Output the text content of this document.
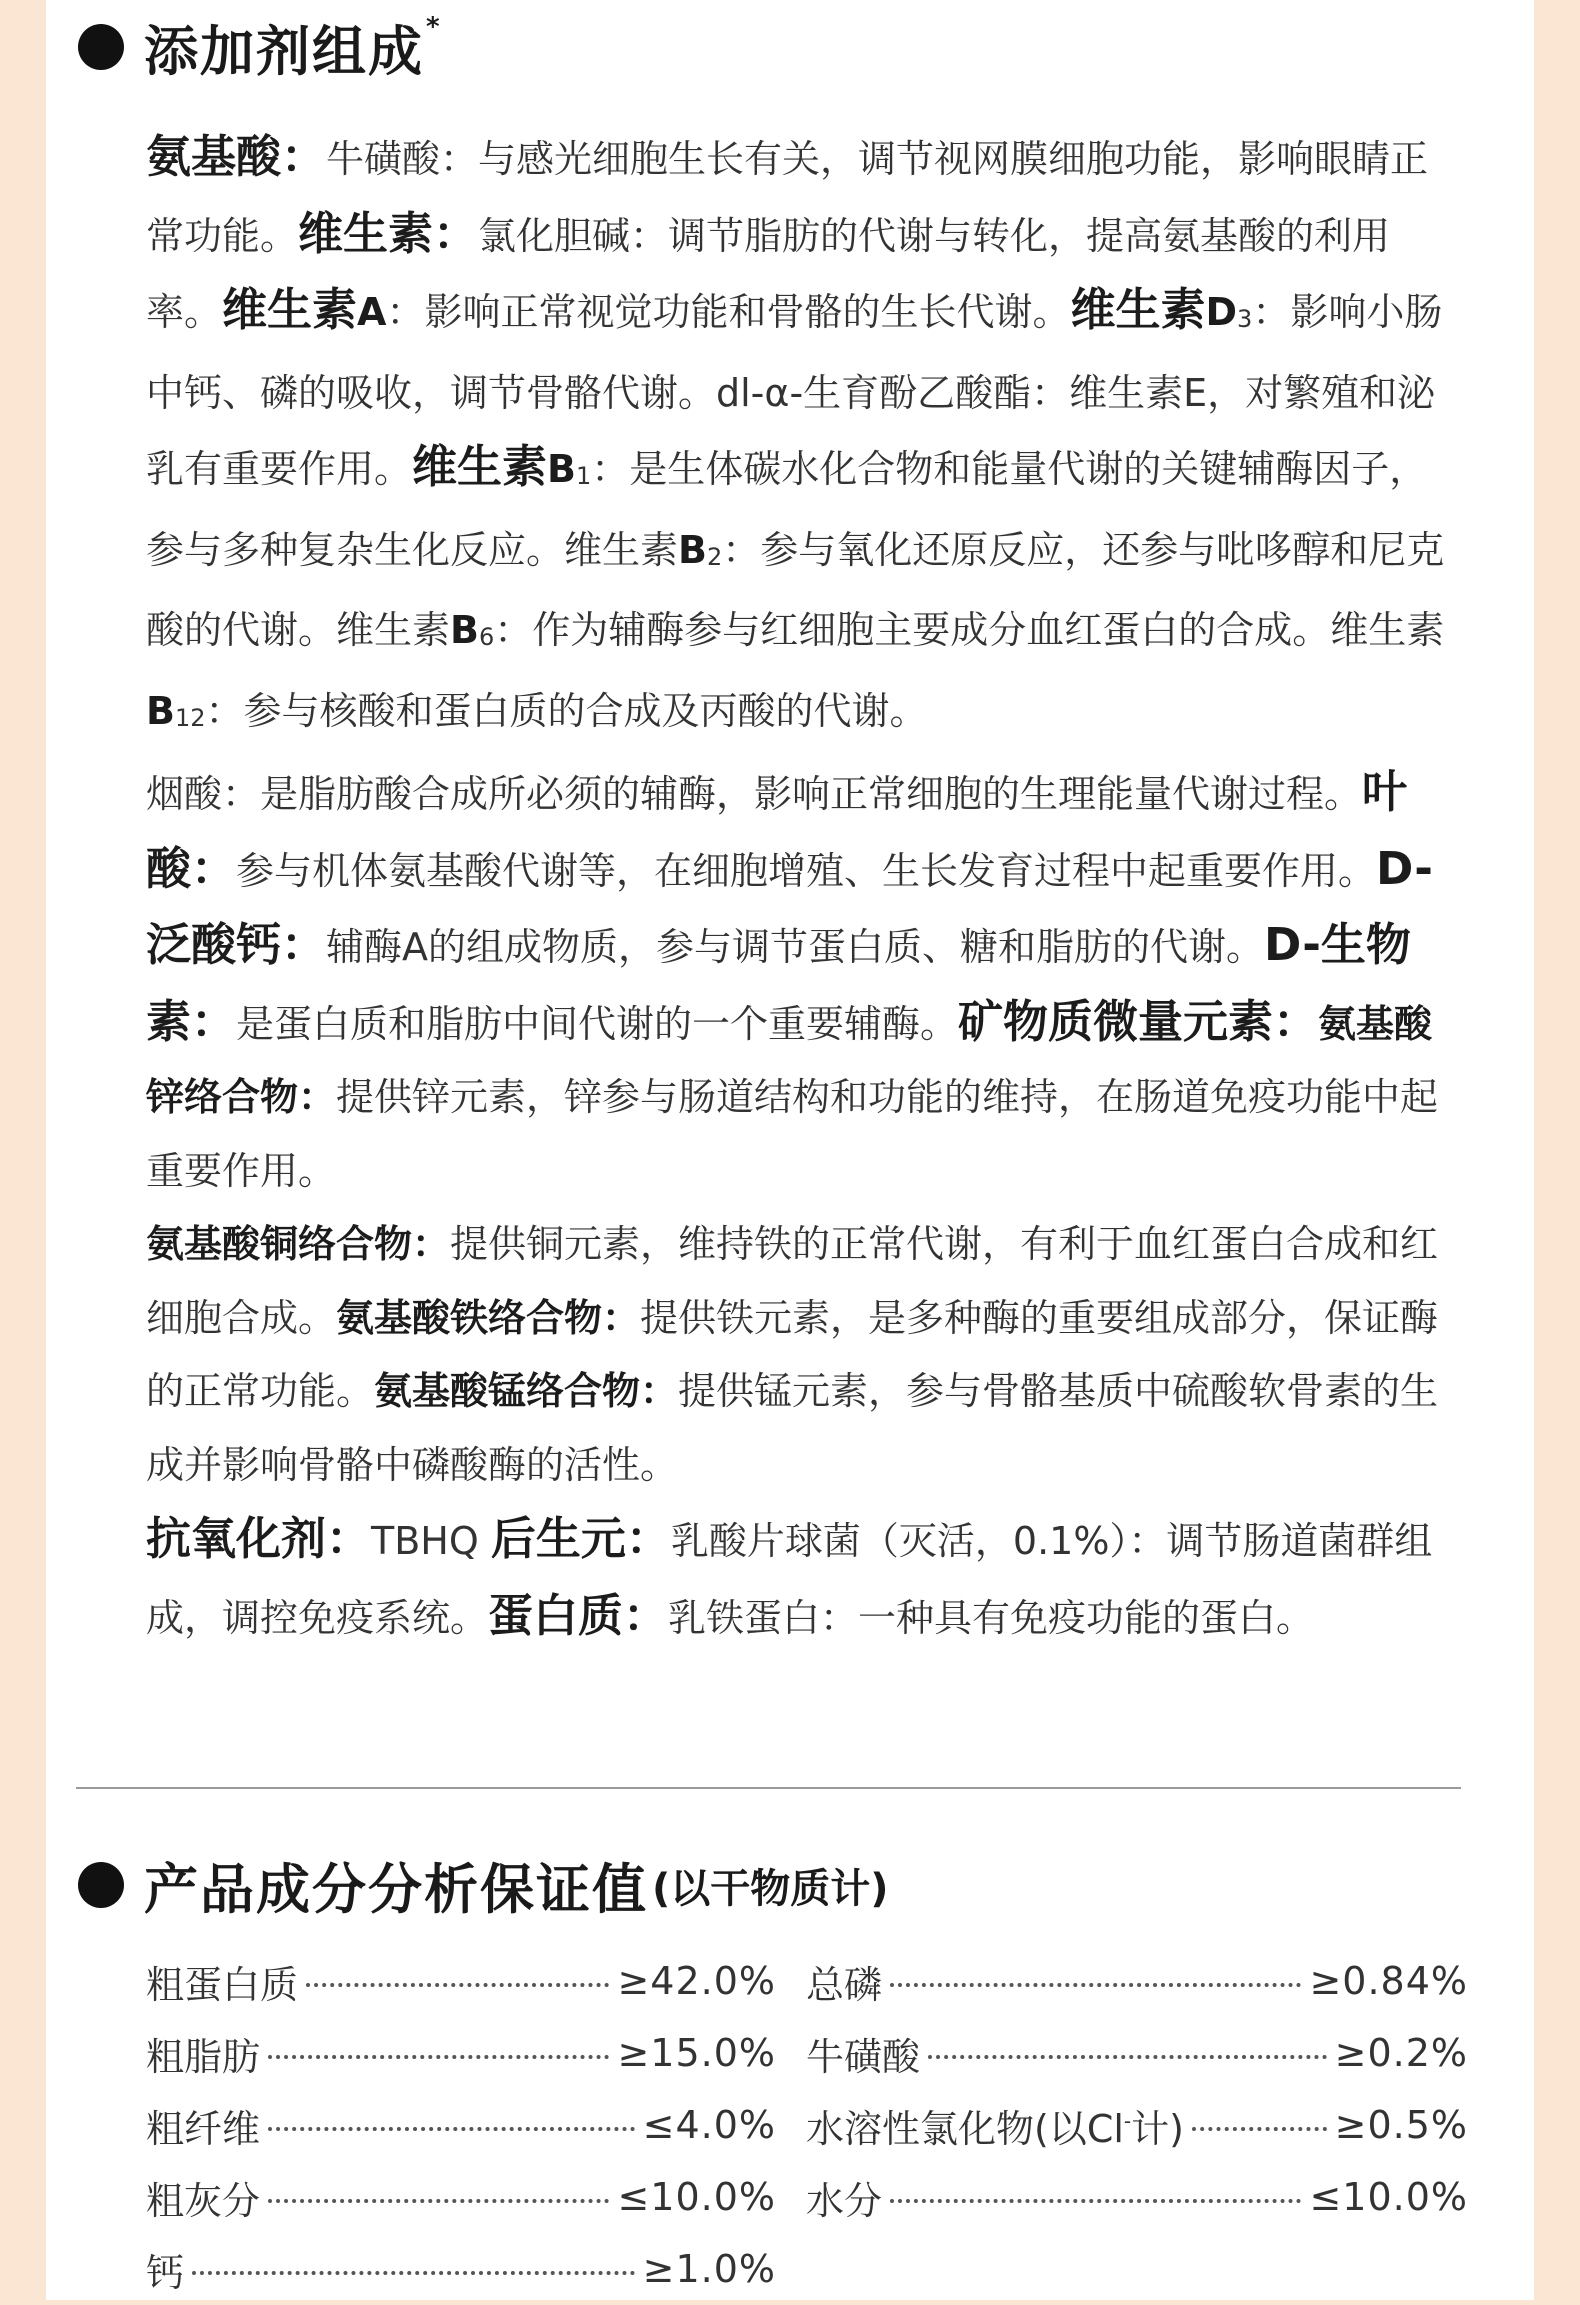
添加剂组成 *

氨基酸：牛磺酸：与感光细胞生长有关，调节视网膜细胞功能，影响眼睛正常功能。维生素：氯化胆碱：调节脂肪的代谢与转化，提高氨基酸的利用率。维生素A：影响正常视觉功能和骨骼的生长代谢。维生素D3：影响小肠中钙、磷的吸收，调节骨骼代谢。dl-α-生育酚乙酸酯：维生素E，对繁殖和泌乳有重要作用。维生素B1：是生体碳水化合物和能量代谢的关键辅酶因子，参与多种复杂生化反应。维生素B2：参与氧化还原反应，还参与吡哆醇和尼克酸的代谢。维生素B6：作为辅酶参与红细胞主要成分血红蛋白的合成。维生素B12：参与核酸和蛋白质的合成及丙酸的代谢。

烟酸：是脂肪酸合成所必须的辅酶，影响正常细胞的生理能量代谢过程。叶酸：参与机体氨基酸代谢等，在细胞增殖、生长发育过程中起重要作用。D-泛酸钙：辅酶A的组成物质，参与调节蛋白质、糖和脂肪的代谢。D-生物素：是蛋白质和脂肪中间代谢的一个重要辅酶。矿物质微量元素：氨基酸锌络合物：提供锌元素，锌参与肠道结构和功能的维持，在肠道免疫功能中起重要作用。

氨基酸铜络合物：提供铜元素，维持铁的正常代谢，有利于血红蛋白合成和红细胞合成。氨基酸铁络合物：提供铁元素，是多种酶的重要组成部分，保证酶的正常功能。氨基酸锰络合物：提供锰元素，参与骨骼基质中硫酸软骨素的生成并影响骨骼中磷酸酶的活性。

抗氧化剂：TBHQ 后生元：乳酸片球菌（灭活，0.1%）：调节肠道菌群组成，调控免疫系统。蛋白质：乳铁蛋白：一种具有免疫功能的蛋白。

产品成分分析保证值 (以干物质计)
粗蛋白质	≥42.0%
粗脂肪	≥15.0%
粗纤维	≤4.0%
粗灰分	≤10.0%
钙	≥1.0%
总磷	≥0.84%
牛磺酸	≥0.2%
水溶性氯化物(以Cl-计)	≥0.5%
水分	≤10.0%
